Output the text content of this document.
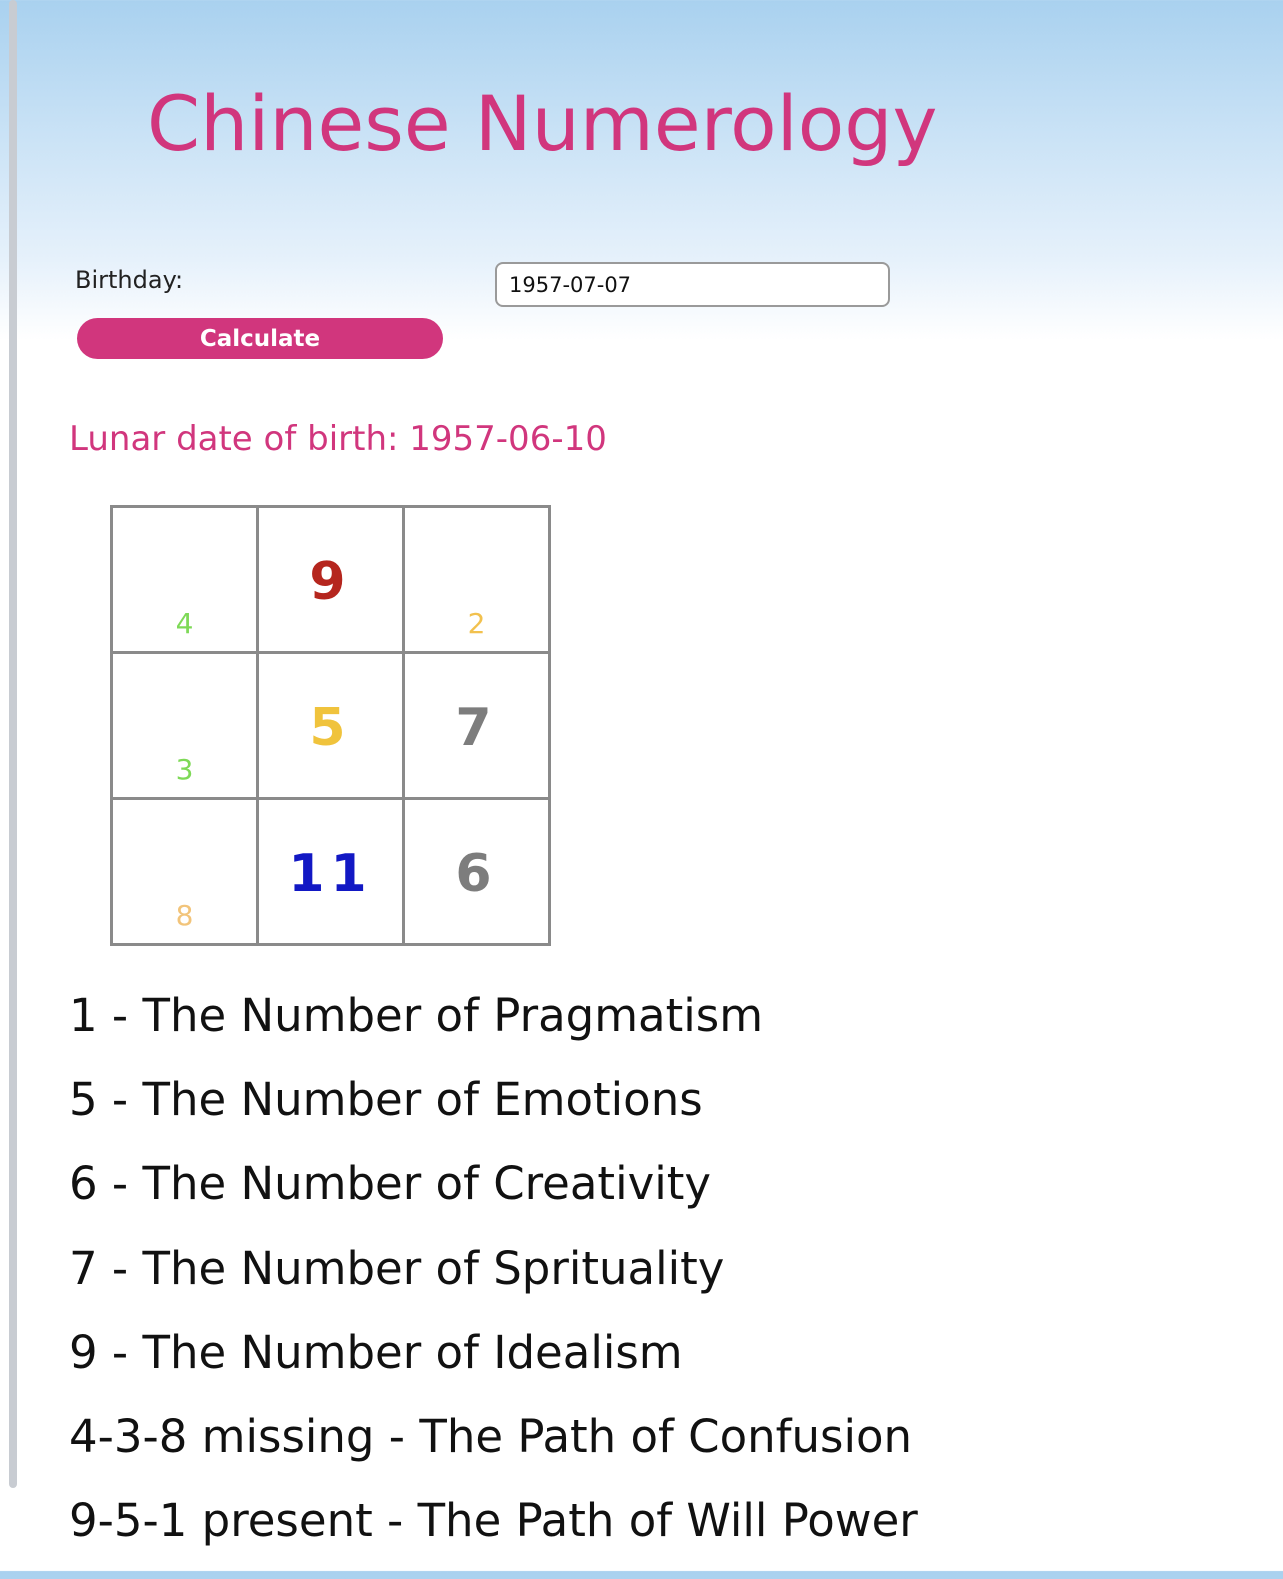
Chinese Numerology
Birthday:
1957-07-07
Calculate
Lunar date of birth: 1957-06-10
4	9	2

3	5	7

8	11	6
1 - The Number of Pragmatism
5 - The Number of Emotions
6 - The Number of Creativity
7 - The Number of Sprituality
9 - The Number of Idealism
4-3-8 missing - The Path of Confusion
9-5-1 present - The Path of Will Power
